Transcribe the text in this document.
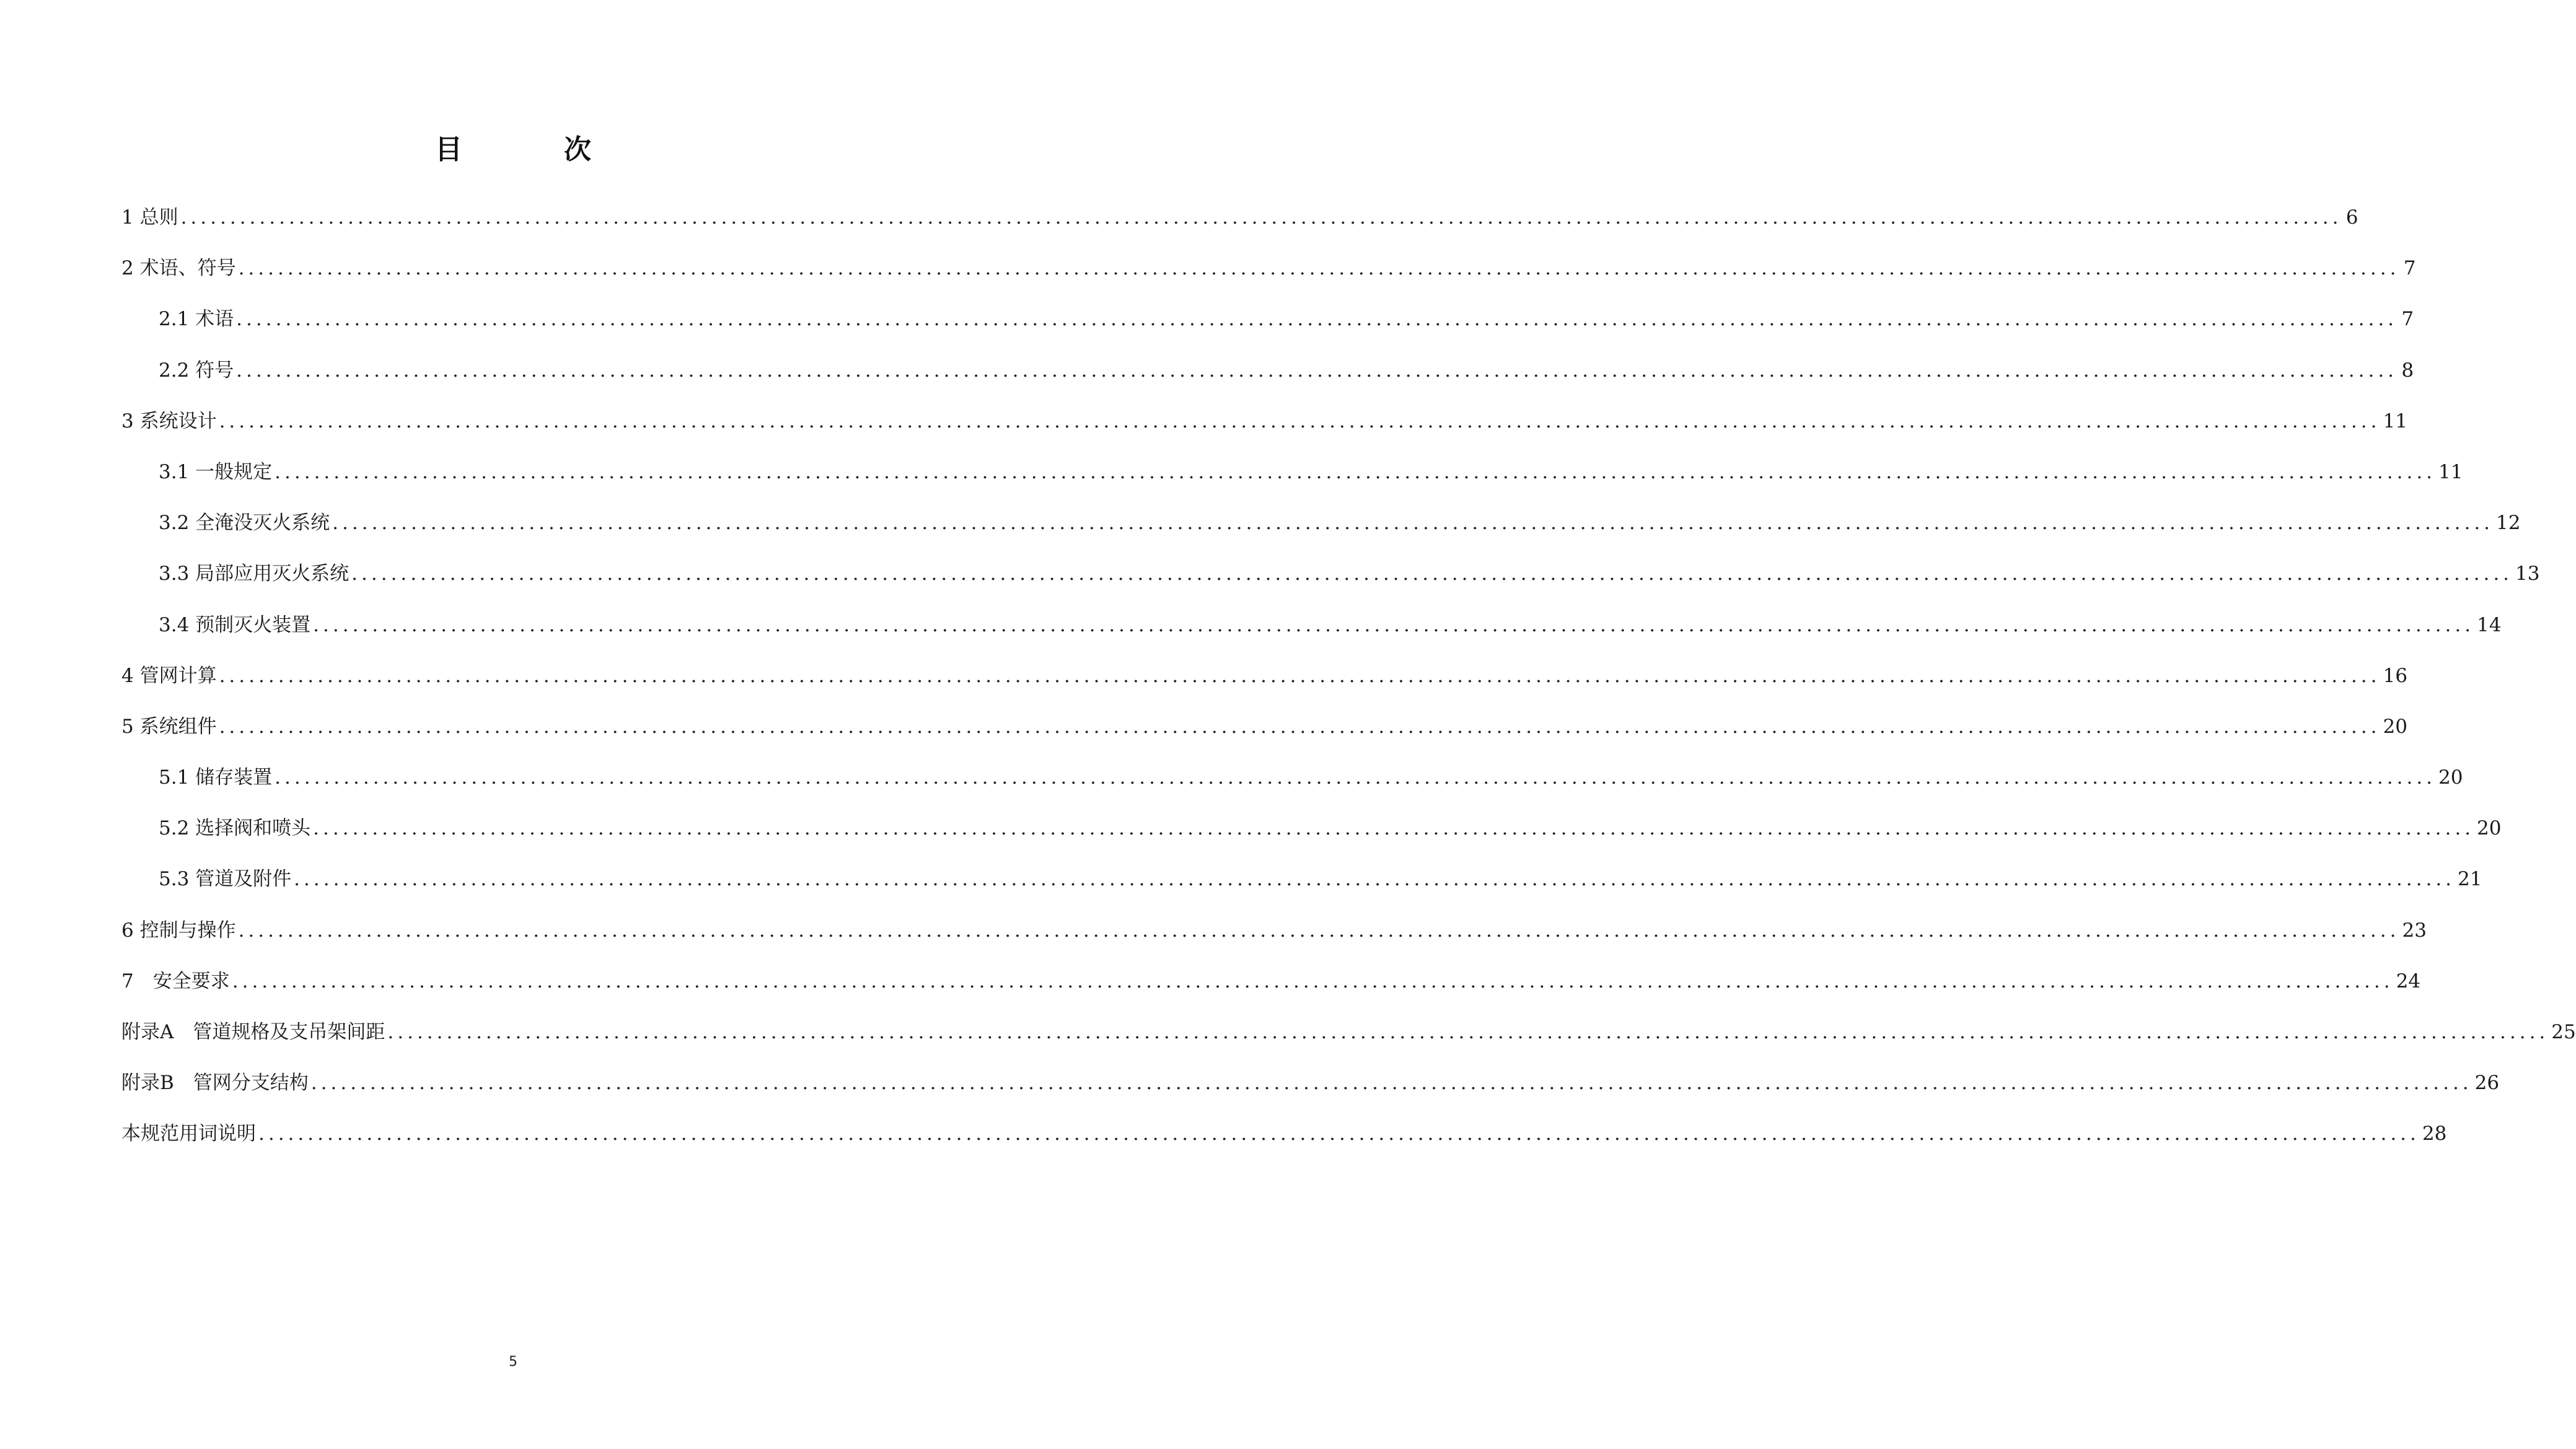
目　次
1 总则 ............................................................................................................................................................................................................................ 6
2 术语、符号 ............................................................................................................................................................................................................................ 7
2.1 术语 ............................................................................................................................................................................................................................ 7
2.2 符号 ............................................................................................................................................................................................................................ 8
3 系统设计 ............................................................................................................................................................................................................................ 11
3.1 一般规定 ............................................................................................................................................................................................................................ 11
3.2 全淹没灭火系统 ............................................................................................................................................................................................................................ 12
3.3 局部应用灭火系统 ............................................................................................................................................................................................................................ 13
3.4 预制灭火装置 ............................................................................................................................................................................................................................ 14
4 管网计算 ............................................................................................................................................................................................................................ 16
5 系统组件 ............................................................................................................................................................................................................................ 20
5.1 储存装置 ............................................................................................................................................................................................................................ 20
5.2 选择阀和喷头 ............................................................................................................................................................................................................................ 20
5.3 管道及附件 ............................................................................................................................................................................................................................ 21
6 控制与操作 ............................................................................................................................................................................................................................ 23
7　安全要求 ............................................................................................................................................................................................................................ 24
附录A　管道规格及支吊架间距 ............................................................................................................................................................................................................................ 25
附录B　管网分支结构 ............................................................................................................................................................................................................................ 26
本规范用词说明 ............................................................................................................................................................................................................................ 28
5
